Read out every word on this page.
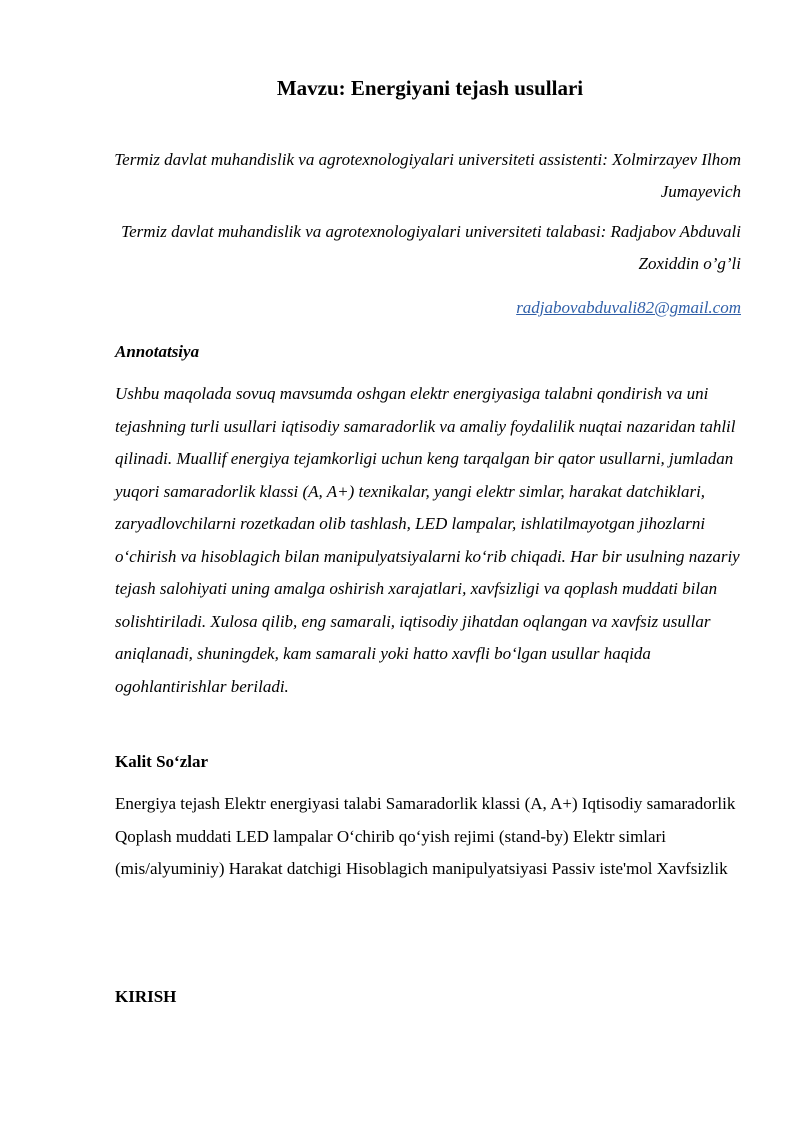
Mavzu: Energiyani tejash usullari

Termiz davlat muhandislik va agrotexnologiyalari universiteti assistenti: Xolmirzayev Ilhom Jumayevich

Termiz davlat muhandislik va agrotexnologiyalari universiteti talabasi: Radjabov Abduvali Zoxiddin o’g’li

radjabovabduvali82@gmail.com
Annotatsiya

Ushbu maqolada sovuq mavsumda oshgan elektr energiyasiga talabni qondirish va uni tejashning turli usullari iqtisodiy samaradorlik va amaliy foydalilik nuqtai nazaridan tahlil qilinadi. Muallif energiya tejamkorligi uchun keng tarqalgan bir qator usullarni, jumladan yuqori samaradorlik klassi (A, A+) texnikalar, yangi elektr simlar, harakat datchiklari, zaryadlovchilarni rozetkadan olib tashlash, LED lampalar, ishlatilmayotgan jihozlarni o‘chirish va hisoblagich bilan manipulyatsiyalarni ko‘rib chiqadi. Har bir usulning nazariy tejash salohiyati uning amalga oshirish xarajatlari, xavfsizligi va qoplash muddati bilan solishtiriladi. Xulosa qilib, eng samarali, iqtisodiy jihatdan oqlangan va xavfsiz usullar aniqlanadi, shuningdek, kam samarali yoki hatto xavfli bo‘lgan usullar haqida ogohlantirishlar beriladi.

Kalit So‘zlar

Energiya tejash Elektr energiyasi talabi Samaradorlik klassi (A, A+) Iqtisodiy samaradorlik Qoplash muddati LED lampalar O‘chirib qo‘yish rejimi (stand-by) Elektr simlari (mis/alyuminiy) Harakat datchigi Hisoblagich manipulyatsiyasi Passiv iste'mol Xavfsizlik

KIRISH
